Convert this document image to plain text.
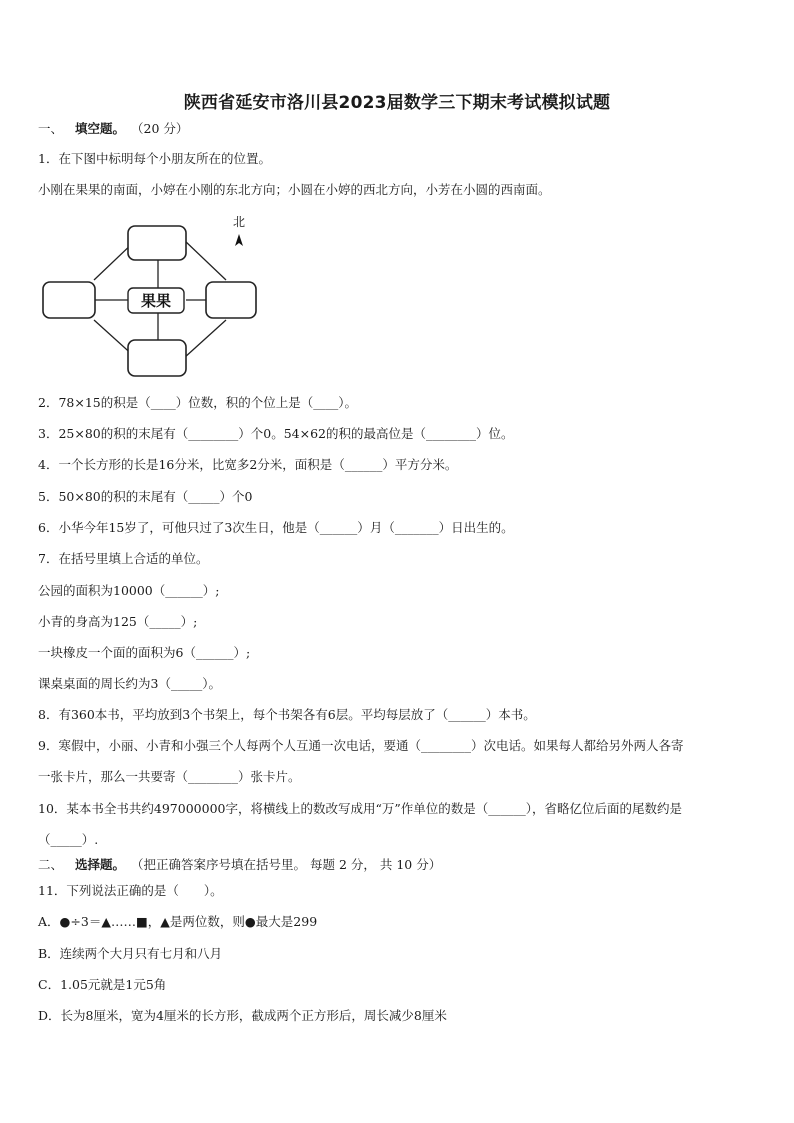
陕西省延安市洛川县2023届数学三下期末考试模拟试题
一、 填空题。 （20 分）
1．在下图中标明每个小朋友所在的位置。
小刚在果果的南面，小婷在小刚的东北方向；小圆在小婷的西北方向，小芳在小圆的西南面。
果果
北
2．78×15的积是（____）位数，积的个位上是（____）。
3．25×80的积的末尾有（________）个0。54×62的积的最高位是（________）位。
4．一个长方形的长是16分米，比宽多2分米，面积是（______）平方分米。
5．50×80的积的末尾有（_____）个0
6．小华今年15岁了，可他只过了3次生日，他是（______）月（_______）日出生的。
7．在括号里填上合适的单位。
公园的面积为10000（______）;
小青的身高为125（_____）;
一块橡皮一个面的面积为6（______）;
课桌桌面的周长约为3（_____）。
8．有360本书，平均放到3个书架上，每个书架各有6层。平均每层放了（______）本书。
9．寒假中，小丽、小青和小强三个人每两个人互通一次电话，要通（________）次电话。如果每人都给另外两人各寄
一张卡片，那么一共要寄（________）张卡片。
10．某本书全书共约497000000字，将横线上的数改写成用“万”作单位的数是（______），省略亿位后面的尾数约是
（_____）.
二、 选择题。 （把正确答案序号填在括号里。 每题 2 分， 共 10 分）
11．下列说法正确的是（　　）。
A．●÷3＝▲……■，▲是两位数，则●最大是299
B．连续两个大月只有七月和八月
C．1.05元就是1元5角
D．长为8厘米，宽为4厘米的长方形，截成两个正方形后，周长减少8厘米
